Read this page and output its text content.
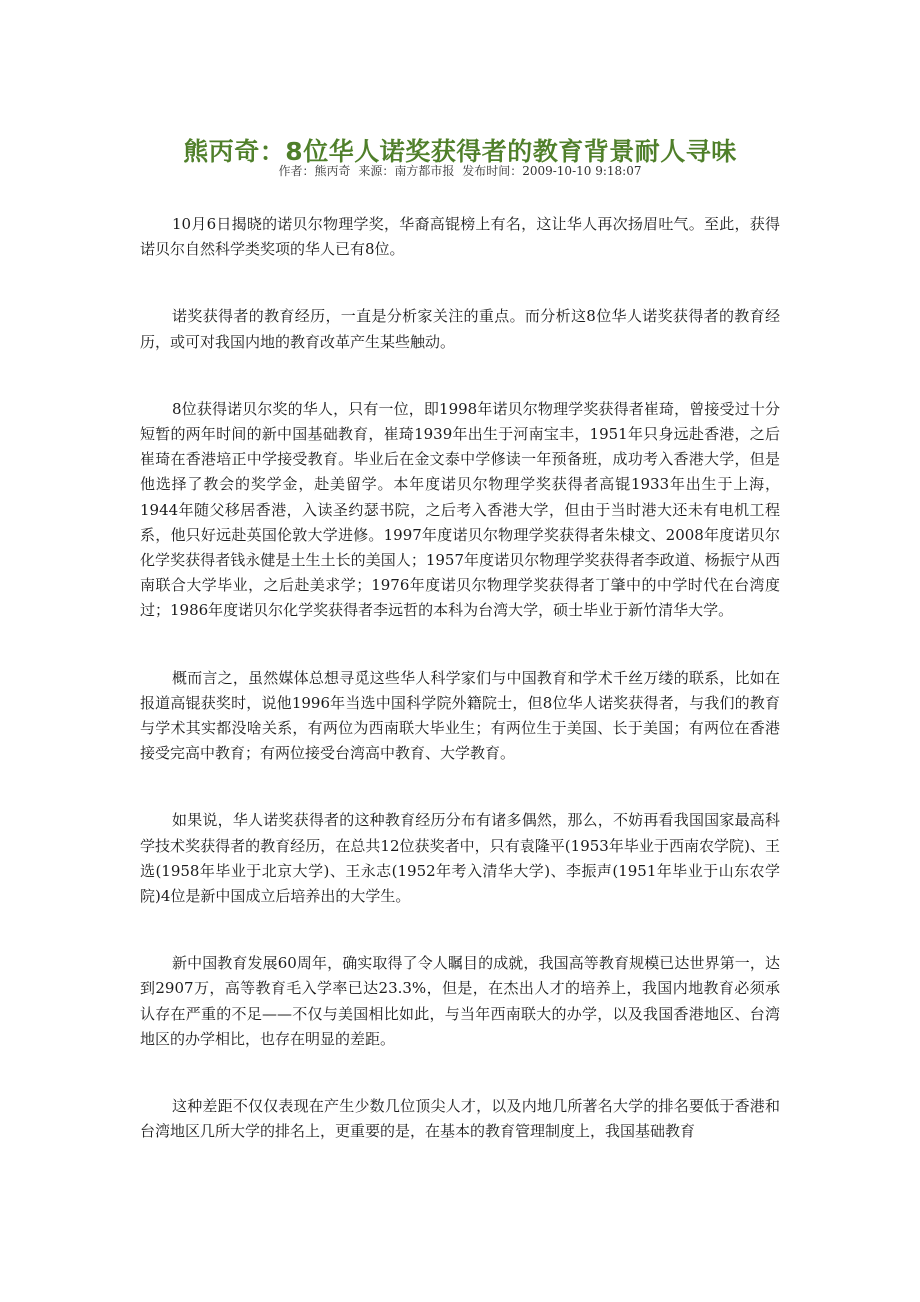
熊丙奇：8位华人诺奖获得者的教育背景耐人寻味
作者：熊丙奇 来源：南方都市报 发布时间：2009-10-10 9:18:07

10月6日揭晓的诺贝尔物理学奖，华裔高锟榜上有名，这让华人再次扬眉吐气。至此，获得诺贝尔自然科学类奖项的华人已有8位。

诺奖获得者的教育经历，一直是分析家关注的重点。而分析这8位华人诺奖获得者的教育经历，或可对我国内地的教育改革产生某些触动。

8位获得诺贝尔奖的华人，只有一位，即1998年诺贝尔物理学奖获得者崔琦，曾接受过十分短暂的两年时间的新中国基础教育，崔琦1939年出生于河南宝丰，1951年只身远赴香港，之后崔琦在香港培正中学接受教育。毕业后在金文泰中学修读一年预备班，成功考入香港大学，但是他选择了教会的奖学金，赴美留学。本年度诺贝尔物理学奖获得者高锟1933年出生于上海，1944年随父移居香港，入读圣约瑟书院，之后考入香港大学，但由于当时港大还未有电机工程系，他只好远赴英国伦敦大学进修。1997年度诺贝尔物理学奖获得者朱棣文、2008年度诺贝尔化学奖获得者钱永健是土生土长的美国人；1957年度诺贝尔物理学奖获得者李政道、杨振宁从西南联合大学毕业，之后赴美求学；1976年度诺贝尔物理学奖获得者丁肇中的中学时代在台湾度过；1986年度诺贝尔化学奖获得者李远哲的本科为台湾大学，硕士毕业于新竹清华大学。

概而言之，虽然媒体总想寻觅这些华人科学家们与中国教育和学术千丝万缕的联系，比如在报道高锟获奖时，说他1996年当选中国科学院外籍院士，但8位华人诺奖获得者，与我们的教育与学术其实都没啥关系，有两位为西南联大毕业生；有两位生于美国、长于美国；有两位在香港接受完高中教育；有两位接受台湾高中教育、大学教育。

如果说，华人诺奖获得者的这种教育经历分布有诸多偶然，那么，不妨再看我国国家最高科学技术奖获得者的教育经历，在总共12位获奖者中，只有袁隆平(1953年毕业于西南农学院)、王选(1958年毕业于北京大学)、王永志(1952年考入清华大学)、李振声(1951年毕业于山东农学院)4位是新中国成立后培养出的大学生。

新中国教育发展60周年，确实取得了令人瞩目的成就，我国高等教育规模已达世界第一，达到2907万，高等教育毛入学率已达23.3%，但是，在杰出人才的培养上，我国内地教育必须承认存在严重的不足——不仅与美国相比如此，与当年西南联大的办学，以及我国香港地区、台湾地区的办学相比，也存在明显的差距。

这种差距不仅仅表现在产生少数几位顶尖人才，以及内地几所著名大学的排名要低于香港和台湾地区几所大学的排名上，更重要的是，在基本的教育管理制度上，我国基础教育
